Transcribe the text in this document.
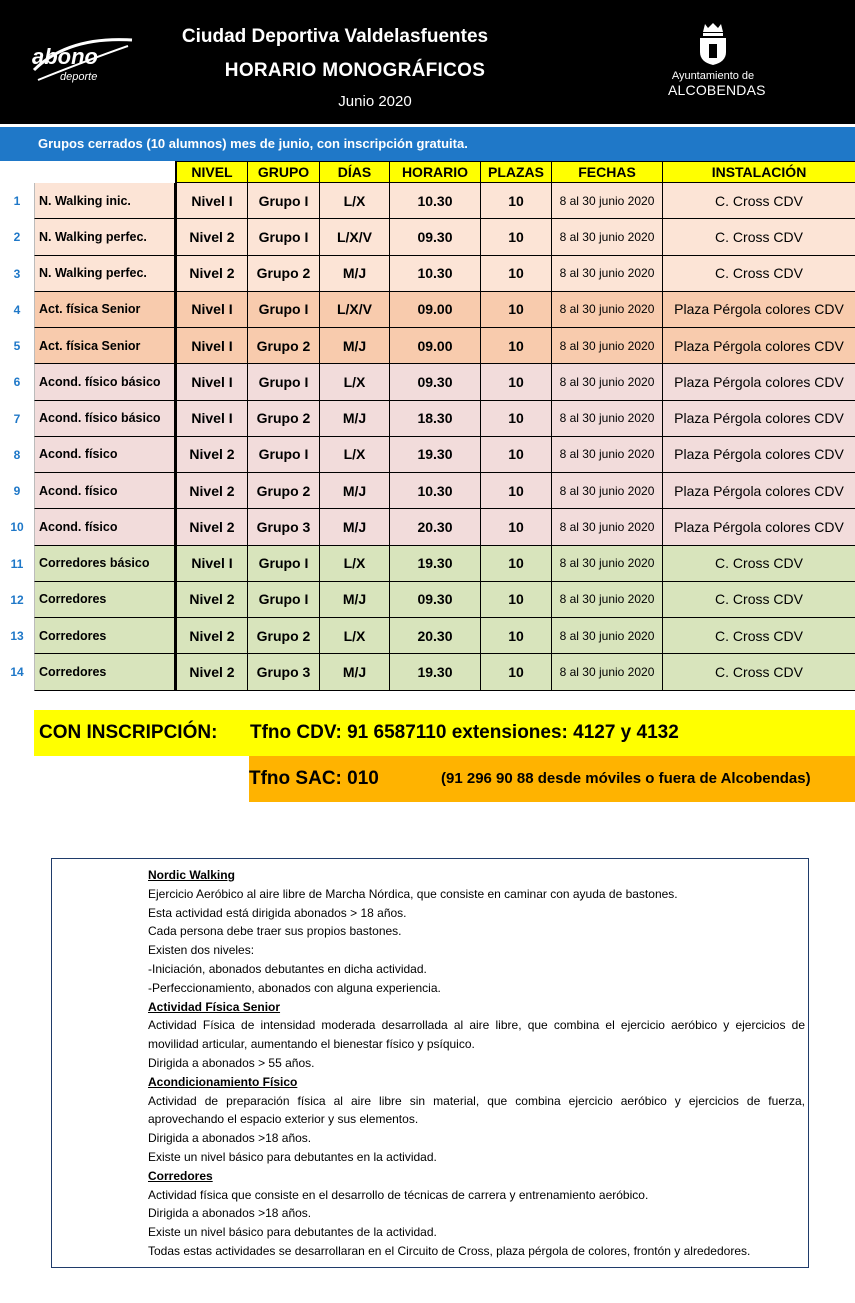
abono
deporte
Ciudad Deportiva Valdelasfuentes
HORARIO MONOGRÁFICOS
Junio 2020
Ayuntamiento de
ALCOBENDAS
Grupos cerrados (10 alumnos) mes de junio, con inscripción gratuita.
NIVEL	GRUPO	DÍAS	HORARIO	PLAZAS	FECHAS	INSTALACIÓN
1	N. Walking inic.	Nivel I	Grupo I	L/X	10.30	10	8 al 30 junio 2020	C. Cross CDV
2	N. Walking perfec.	Nivel 2	Grupo I	L/X/V	09.30	10	8 al 30 junio 2020	C. Cross CDV
3	N. Walking perfec.	Nivel 2	Grupo 2	M/J	10.30	10	8 al 30 junio 2020	C. Cross CDV
4	Act. física Senior	Nivel I	Grupo I	L/X/V	09.00	10	8 al 30 junio 2020	Plaza Pérgola colores CDV
5	Act. física Senior	Nivel I	Grupo 2	M/J	09.00	10	8 al 30 junio 2020	Plaza Pérgola colores CDV
6	Acond. físico básico	Nivel I	Grupo I	L/X	09.30	10	8 al 30 junio 2020	Plaza Pérgola colores CDV
7	Acond. físico básico	Nivel I	Grupo 2	M/J	18.30	10	8 al 30 junio 2020	Plaza Pérgola colores CDV
8	Acond. físico	Nivel 2	Grupo I	L/X	19.30	10	8 al 30 junio 2020	Plaza Pérgola colores CDV
9	Acond. físico	Nivel 2	Grupo 2	M/J	10.30	10	8 al 30 junio 2020	Plaza Pérgola colores CDV
10	Acond. físico	Nivel 2	Grupo 3	M/J	20.30	10	8 al 30 junio 2020	Plaza Pérgola colores CDV
11	Corredores básico	Nivel I	Grupo I	L/X	19.30	10	8 al 30 junio 2020	C. Cross CDV
12	Corredores	Nivel 2	Grupo I	M/J	09.30	10	8 al 30 junio 2020	C. Cross CDV
13	Corredores	Nivel 2	Grupo 2	L/X	20.30	10	8 al 30 junio 2020	C. Cross CDV
14	Corredores	Nivel 2	Grupo 3	M/J	19.30	10	8 al 30 junio 2020	C. Cross CDV
CON INSCRIPCIÓN: Tfno CDV: 91 6587110 extensiones: 4127 y 4132
Tfno SAC: 010	(91 296 90 88 desde móviles o fuera de Alcobendas)
Nordic Walking
Ejercicio Aeróbico al aire libre de Marcha Nórdica, que consiste en caminar con ayuda de bastones.
Esta actividad está dirigida abonados > 18 años.
Cada persona debe traer sus propios bastones.
Existen dos niveles:
-Iniciación, abonados debutantes en dicha actividad.
-Perfeccionamiento, abonados con alguna experiencia.
Actividad Física Senior
Actividad Física de intensidad moderada desarrollada al aire libre, que combina el ejercicio aeróbico y ejercicios de movilidad articular, aumentando el bienestar físico y psíquico.
Dirigida a abonados > 55 años.
Acondicionamiento Físico
Actividad de preparación física al aire libre sin material, que combina ejercicio aeróbico y ejercicios de fuerza, aprovechando el espacio exterior y sus elementos.
Dirigida a abonados >18 años.
Existe un nivel básico para debutantes en la actividad.
Corredores
Actividad física que consiste en el desarrollo de técnicas de carrera y entrenamiento aeróbico.
Dirigida a abonados >18 años.
Existe un nivel básico para debutantes de la actividad.
Todas estas actividades se desarrollaran en el Circuito de Cross, plaza pérgola de colores, frontón y alrededores.
